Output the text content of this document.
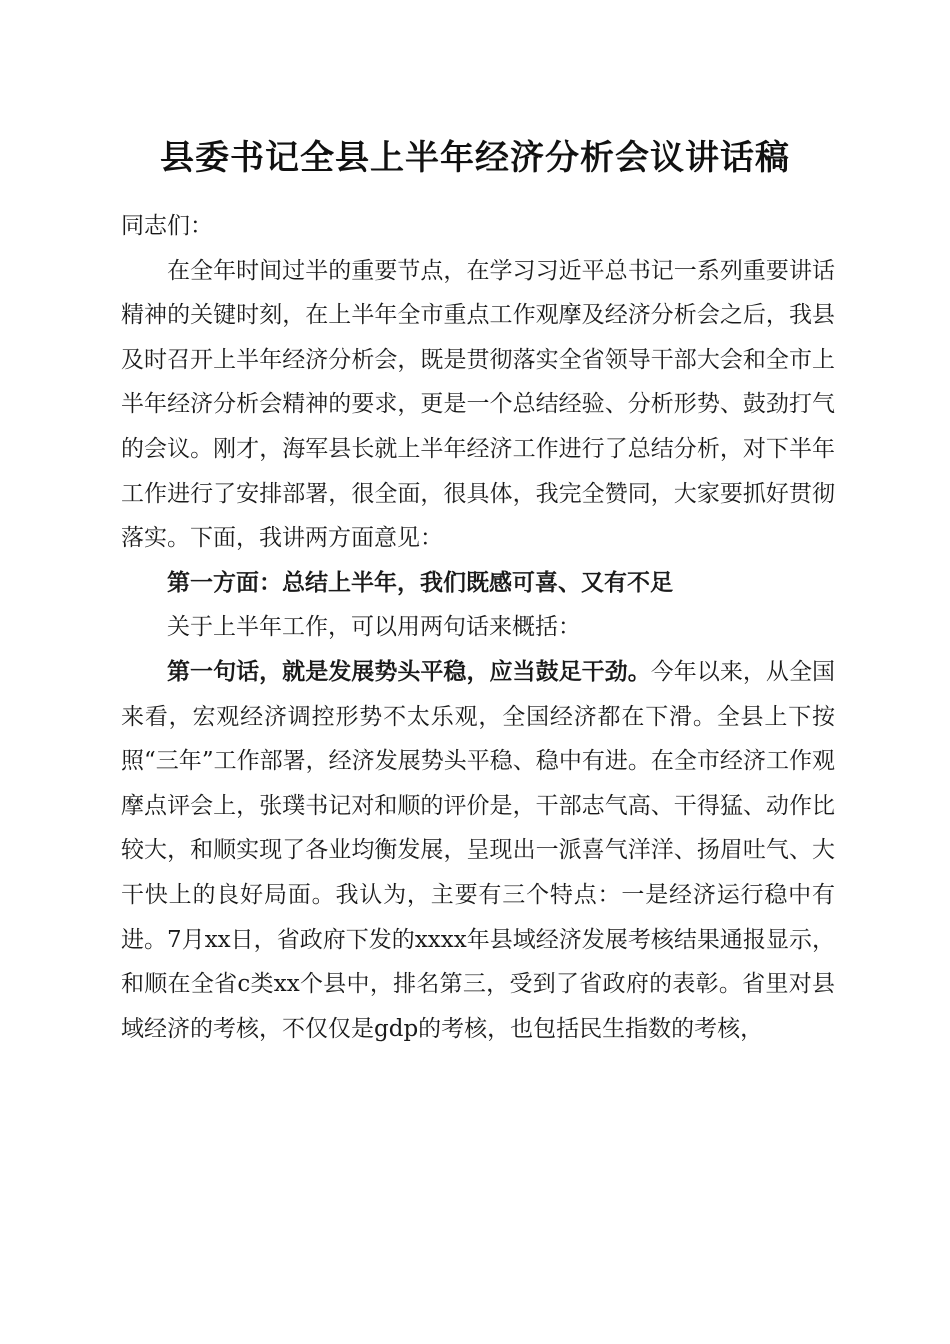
县委书记全县上半年经济分析会议讲话稿

同志们：

在全年时间过半的重要节点，在学习习近平总书记一系列重要讲话精神的关键时刻，在上半年全市重点工作观摩及经济分析会之后，我县及时召开上半年经济分析会，既是贯彻落实全省领导干部大会和全市上半年经济分析会精神的要求，更是一个总结经验、分析形势、鼓劲打气的会议。刚才，海军县长就上半年经济工作进行了总结分析，对下半年工作进行了安排部署，很全面，很具体，我完全赞同，大家要抓好贯彻落实。下面，我讲两方面意见：

第一方面：总结上半年，我们既感可喜、又有不足

关于上半年工作，可以用两句话来概括：

第一句话，就是发展势头平稳，应当鼓足干劲。今年以来，从全国来看，宏观经济调控形势不太乐观，全国经济都在下滑。全县上下按照“三年”工作部署，经济发展势头平稳、稳中有进。在全市经济工作观摩点评会上，张璞书记对和顺的评价是，干部志气高、干得猛、动作比较大，和顺实现了各业均衡发展，呈现出一派喜气洋洋、扬眉吐气、大干快上的良好局面。我认为，主要有三个特点：一是经济运行稳中有进。7月xx日，省政府下发的xxxx年县域经济发展考核结果通报显示，和顺在全省c类xx个县中，排名第三，受到了省政府的表彰。省里对县域经济的考核，不仅仅是gdp的考核，也包括民生指数的考核，
